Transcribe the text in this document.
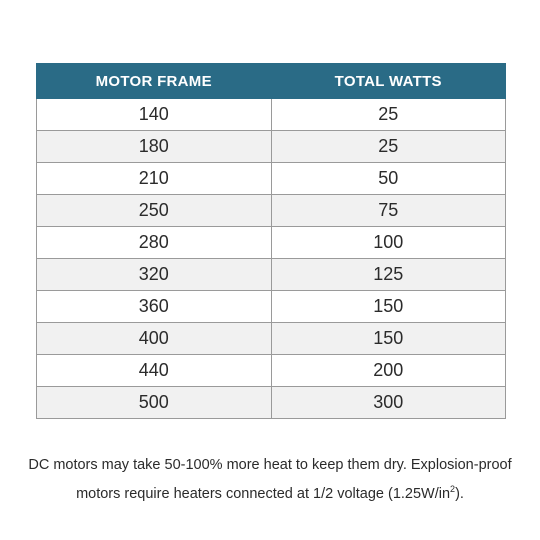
MOTOR FRAME	TOTAL WATTS
140	25
180	25
210	50
250	75
280	100
320	125
360	150
400	150
440	200
500	300
DC motors may take 50-100% more heat to keep them dry. Explosion-proof
motors require heaters connected at 1/2 voltage $(1.25W/in^2)$.
